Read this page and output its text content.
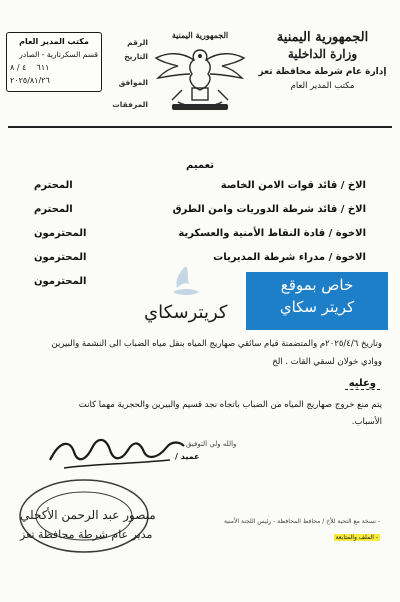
الرقم
التاريخ
الموافق
المرفقات
مكتب المدير العام
قسم السكرتارية - الصادر
٦١١    ٤ / ٨
٢٠٢٥/٨١/٢٦
الجمهورية اليمنية	الجمهورية اليمنية
وزارة الداخلية
إدارة عام شرطة محافظة تعز
مكتب المدير العام
تعميم
الاخ / قائد قوات الامن الخاصة
المحترم
الاخ / قائد شرطة الدوريات وامن الطرق
المحترم
الاخوة / قادة النقاط الأمنية والعسكرية
المحترمون
الاخوة / مدراء شرطة المديريات
المحترمون
المحترمون
وتاريخ ٢٠٢٥/٤/٦م والمتضمنة قيام سائقي صهاريج المياه بنقل مياه الضباب الى النشمة والبيرين
ووادي خولان لسقي القات . الخ
وعليه
يتم منع خروج صهاريج المياه من الضباب باتجاه نجد قسيم والبيرين والحجرية مهما كانت
الأسباب.
كريترسكاي
خاص بموقع
كريتر سكاي
والله ولي التوفيق
عميد /
منصور عبد الرحمن الأكحلي
مدير عام شرطة محافظة تعز
- نسخة مع التحية للأخ / محافظ المحافظة - رئيس اللجنة الأمنية
- الملف والمتابعة
